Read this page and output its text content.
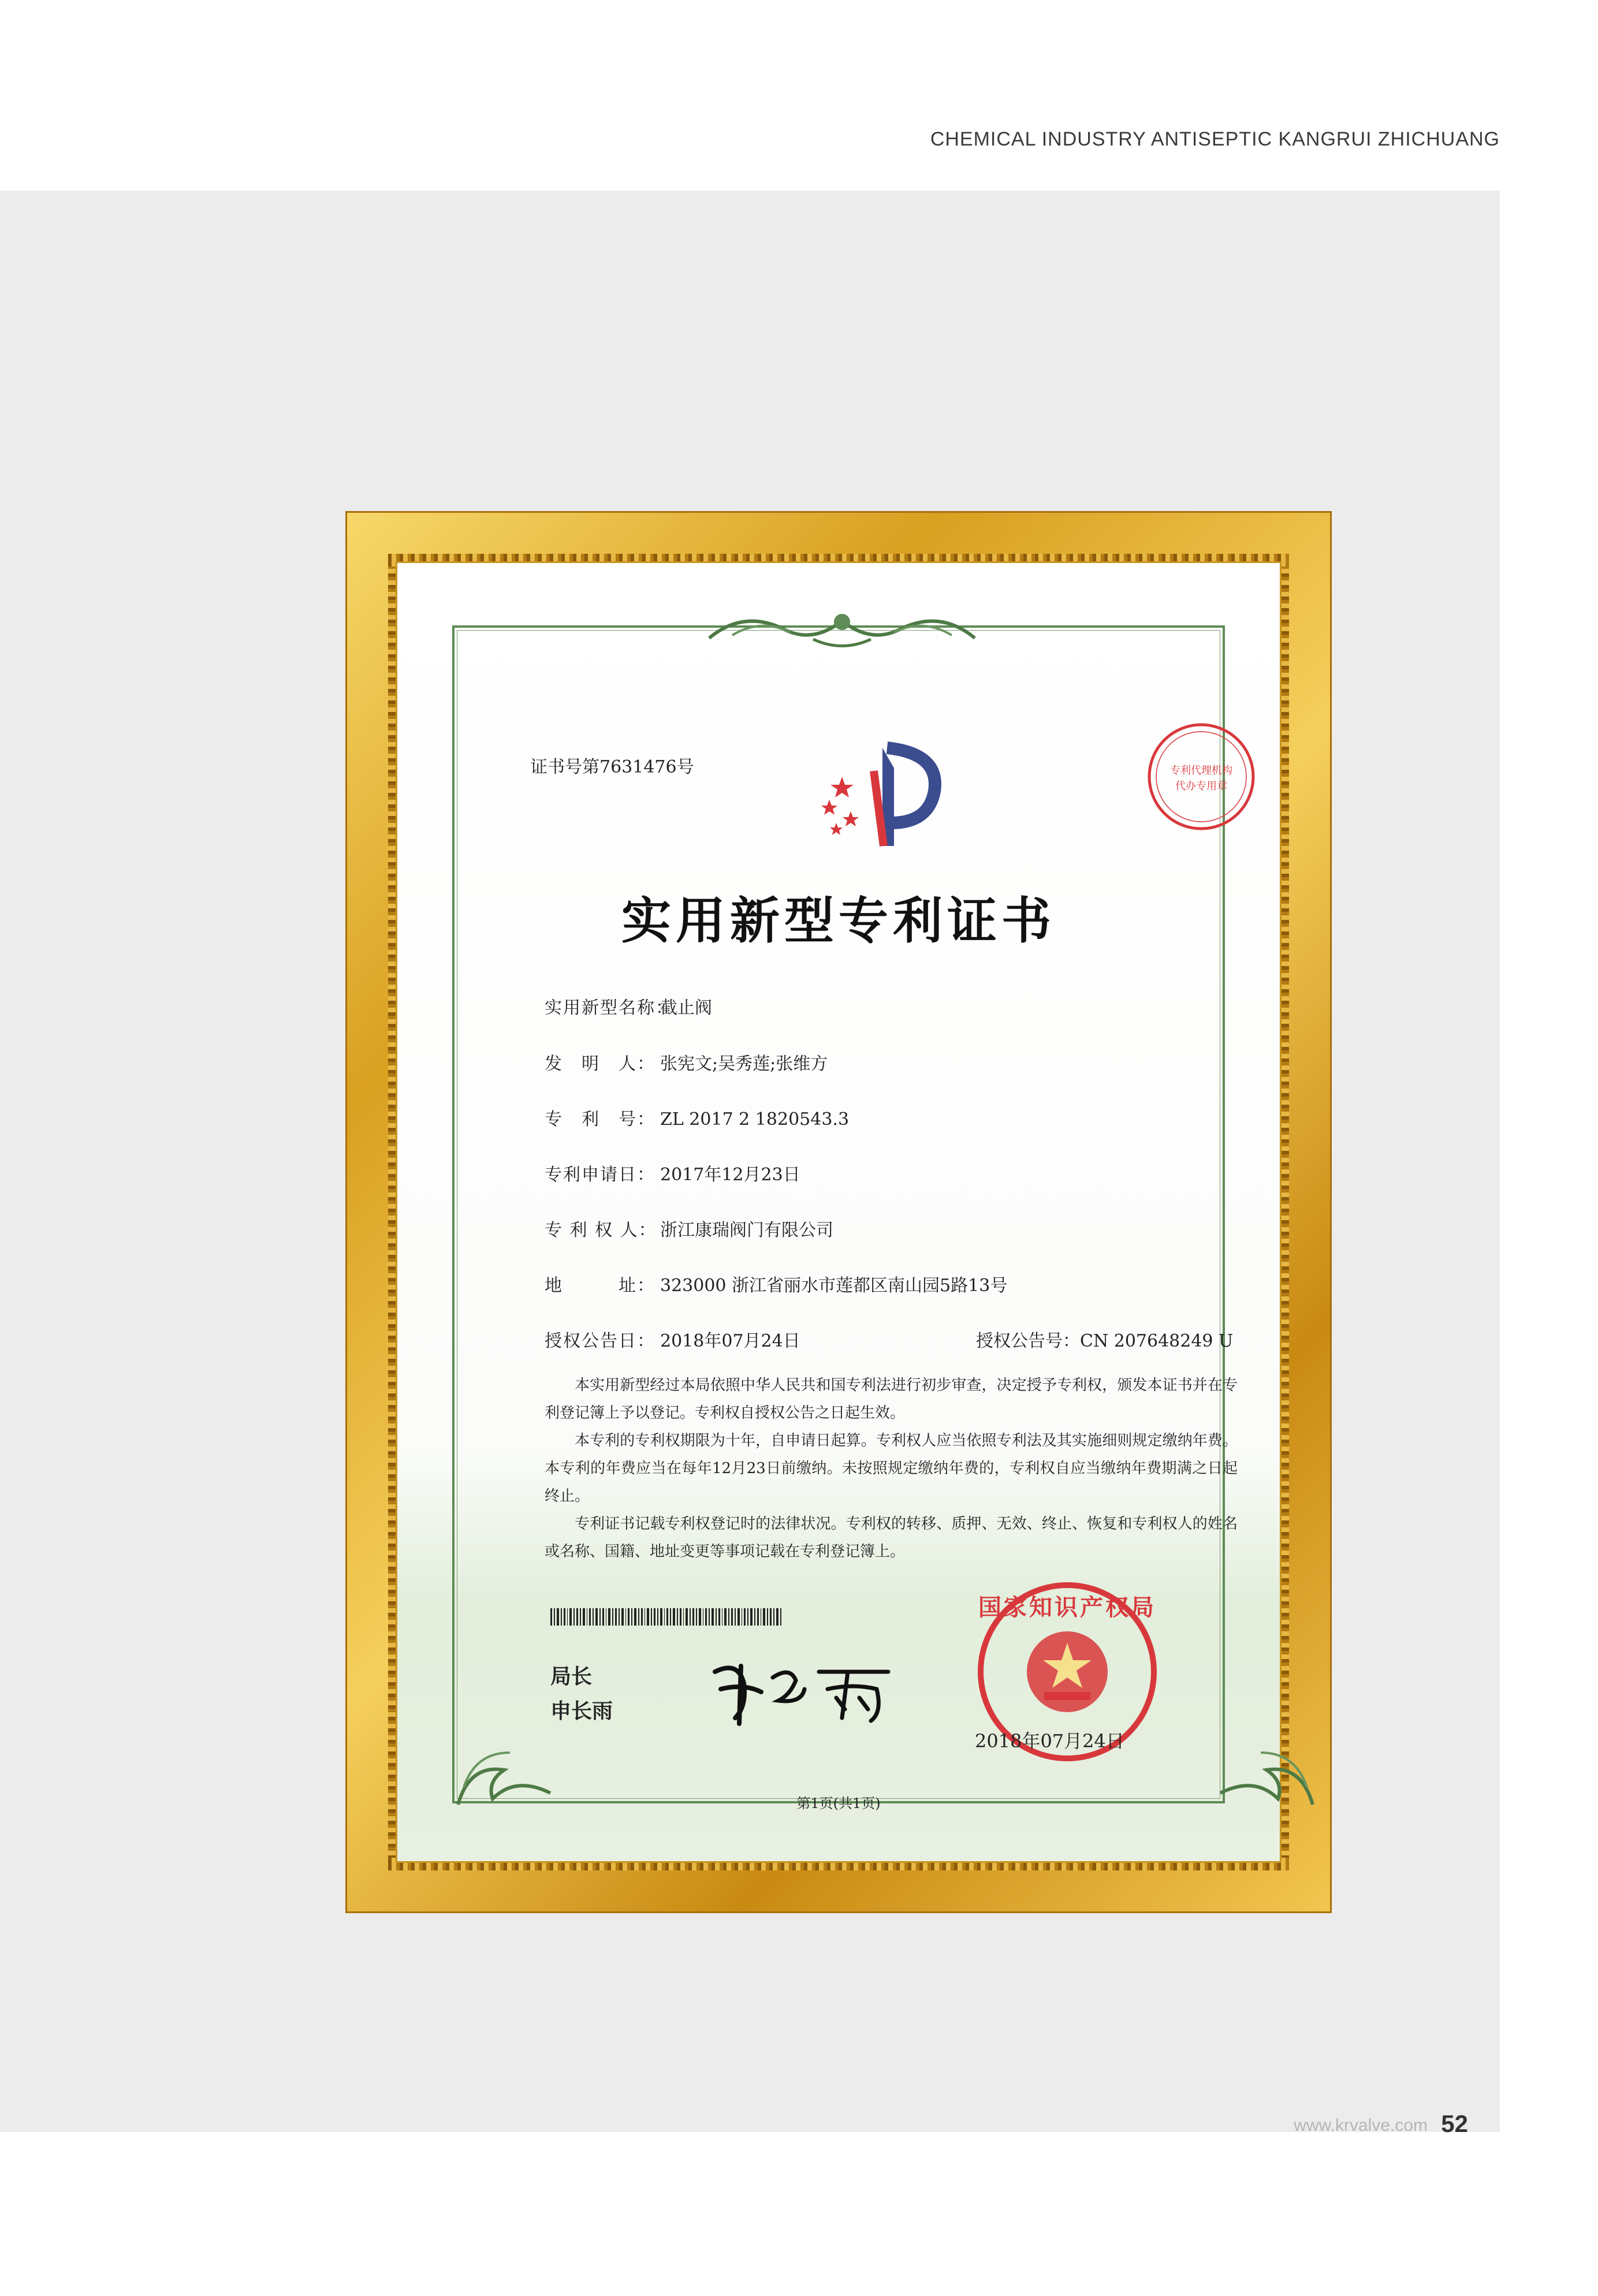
CHEMICAL INDUSTRY ANTISEPTIC KANGRUI ZHICHUANG
证书号第7631476号	专利代理机构
代办专用章
实用新型专利证书
实用新型名称：截止阀
发　明　人： 张宪文;吴秀莲;张维方
专　利　号： ZL 2017 2 1820543.3
专利申请日： 2017年12月23日
专 利 权 人： 浙江康瑞阀门有限公司
地　　　址： 323000 浙江省丽水市莲都区南山园5路13号
授权公告日： 2018年07月24日	授权公告号：CN 207648249 U

本实用新型经过本局依照中华人民共和国专利法进行初步审查，决定授予专利权，颁发本证书并在专利登记簿上予以登记。专利权自授权公告之日起生效。

本专利的专利权期限为十年，自申请日起算。专利权人应当依照专利法及其实施细则规定缴纳年费。本专利的年费应当在每年12月23日前缴纳。未按照规定缴纳年费的，专利权自应当缴纳年费期满之日起终止。

专利证书记载专利权登记时的法律状况。专利权的转移、质押、无效、终止、恢复和专利权人的姓名或名称、国籍、地址变更等事项记载在专利登记簿上。

局长
申长雨
国家知识产权局
2018年07月24日
第1页(共1页)
www.krvalve.com 52
